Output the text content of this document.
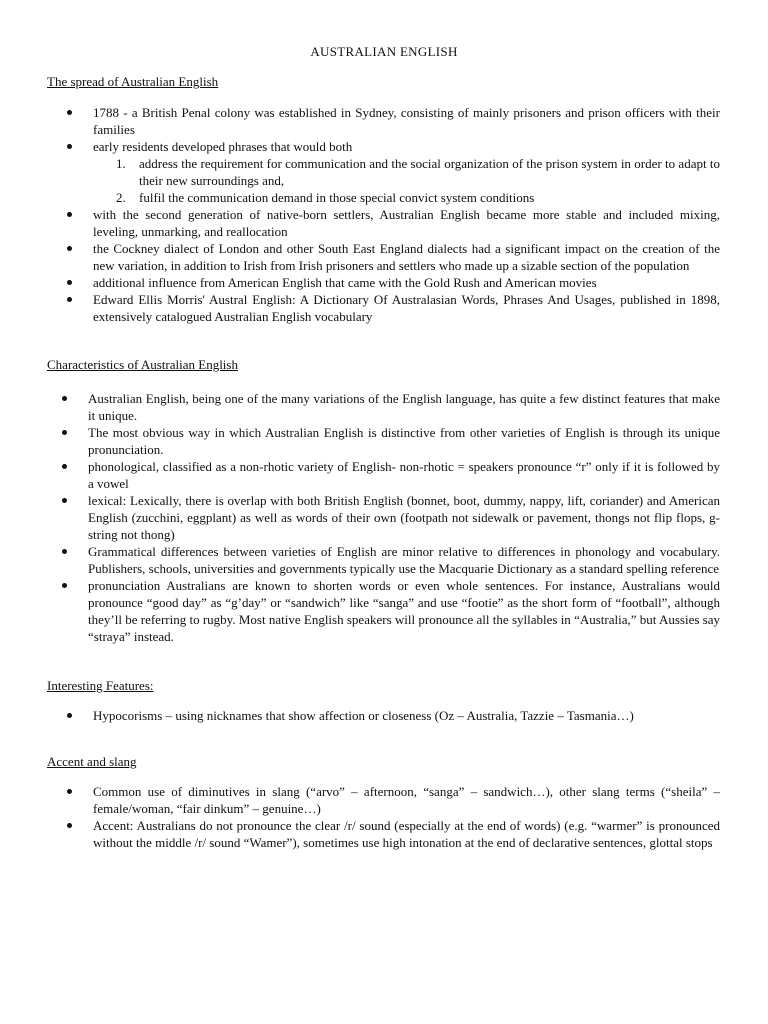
AUSTRALIAN ENGLISH
The spread of Australian English
1788 - a British Penal colony was established in Sydney, consisting of mainly prisoners and prison officers with their families
early residents developed phrases that would both
1. address the requirement for communication and the social organization of the prison system in order to adapt to their new surroundings and,
2. fulfil the communication demand in those special convict system conditions
with the second generation of native-born settlers, Australian English became more stable and included mixing, leveling, unmarking, and reallocation
the Cockney dialect of London and other South East England dialects had a significant impact on the creation of the new variation, in addition to Irish from Irish prisoners and settlers who made up a sizable section of the population
additional influence from American English that came with the Gold Rush and American movies
Edward Ellis Morris' Austral English: A Dictionary Of Australasian Words, Phrases And Usages, published in 1898, extensively catalogued Australian English vocabulary
Characteristics of Australian English
Australian English, being one of the many variations of the English language, has quite a few distinct features that make it unique.
The most obvious way in which Australian English is distinctive from other varieties of English is through its unique pronunciation.
phonological, classified as a non-rhotic variety of English- non-rhotic = speakers pronounce “r” only if it is followed by a vowel
lexical: Lexically, there is overlap with both British English (bonnet, boot, dummy, nappy, lift, coriander) and American English (zucchini, eggplant) as well as words of their own (footpath not sidewalk or pavement, thongs not flip flops, g-string not thong)
Grammatical differences between varieties of English are minor relative to differences in phonology and vocabulary. Publishers, schools, universities and governments typically use the Macquarie Dictionary as a standard spelling reference
pronunciation Australians are known to shorten words or even whole sentences. For instance, Australians would pronounce “good day” as “g’day” or “sandwich” like “sanga” and use “footie” as the short form of “football”, although they’ll be referring to rugby. Most native English speakers will pronounce all the syllables in “Australia,” but Aussies say “straya” instead.
Interesting Features:
Hypocorisms – using nicknames that show affection or closeness (Oz – Australia, Tazzie – Tasmania…)
Accent and slang
Common use of diminutives in slang (“arvo” – afternoon, “sanga” – sandwich…), other slang terms (“sheila” – female/woman, “fair dinkum” – genuine…)
Accent: Australians do not pronounce the clear /r/ sound (especially at the end of words) (e.g. “warmer” is pronounced without the middle /r/ sound “Wamer”), sometimes use high intonation at the end of declarative sentences, glottal stops
